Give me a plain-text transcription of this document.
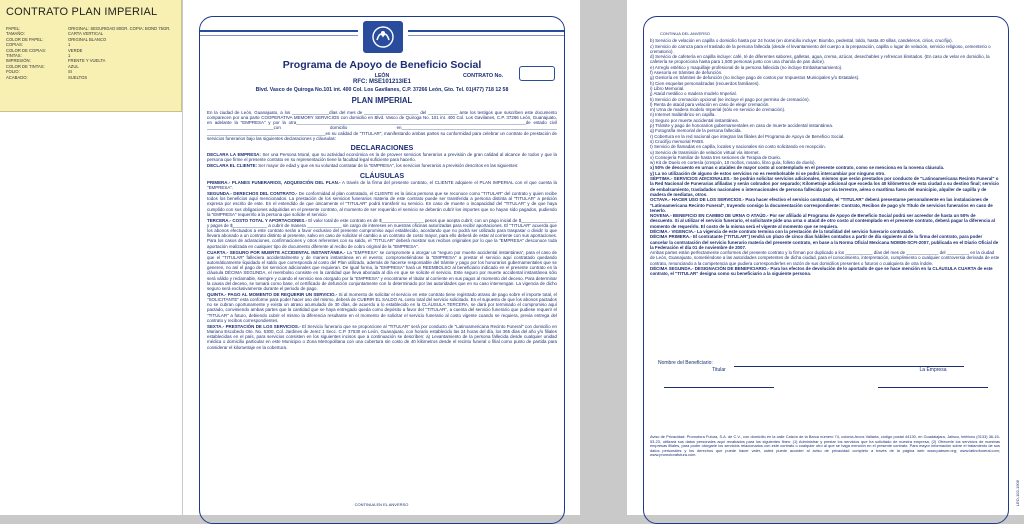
CONTRATO PLAN IMPERIAL
PAPEL:	ORIGINAL: SEGURIDAD 80GR. COPIA: BOND 75GR.
TAMAÑO:	CARTA VERTICAL
COLOR DE PAPEL:	ORIGINAL BLANCO
COPIAS:	1
COLOR DE COPIAS:	VERDE
TINTAS:	1
IMPRESIÓN:	FRENTE Y VUELTA
COLOR DE TINTAS:	AZUL
FOLIO:	SI
ACABADO:	SUELTOS
Programa de Apoyo de Beneficio Social
LEÓN
RFC: MSE101213IE1
Blvd. Vasco de Quiroga No.101 int. 400 Col. Los Gavilanes, C.P. 37266 León, Gto. Tel. 01(477) 718 12 58
CONTRATO No.
PLAN IMPERIAL

En la ciudad de León, Guanajuato, a los _______________días del mes de ______________________ del ____________ ante los testigos que suscriben este documento comparecen por una parte COOPERATIVA MEMORY SERVICIOS con domicilio en Blvd. Vasco de Quiroga No. 101 int. 400 Col. Los Gavilanes, C.P. 37266 León, Guanajuato, en adelante la "EMPRESA" y por la otra_____________________________________________________________________________________________de estado civil ___________________________con domicilio en_______________________________________________________________ ________________________________________________en su calidad de "TITULAR", manifestando ambas partes su conformidad para celebrar un contrato de prestación de servicios funerarios bajo las siguientes declaraciones y cláusulas:

DECLARACIONES

DECLARA LA EMPRESA: Ser una Persona Moral, que su actividad económica es la de proveer servicios funerarios a previsión de gran calidad al alcance de todos y que la persona que firme el presente contrato en su representación tiene la facultad legal suficiente para hacerlo.

DECLARA EL CLIENTE: Ser mayor de edad y que es su voluntad contratar de la "EMPRESA", los servicios funerarios a previsión descritos en las siguientes:

CLÁUSULAS

PRIMERA.- PLANES FUNERARIOS, ADQUISICIÓN DEL PLAN.- A través de la firma del presente contrato, el CLIENTE adquiere el PLAN IMPERIAL con el que cuenta la "EMPRESA".

SEGUNDA.- DERECHOS DEL CONTRATO.- De conformidad al plan contratado, el CLIENTE es la única persona que se reconoce como "TITULAR" del contrato y quien recibe todos los beneficios aquí mencionados. La prestación de los servicios funerarios materia de este contrato puede ser transferida a persona distinta al "TITULAR" a petición expresa por escrito de este. En el entendido de que únicamente el "TITULAR" podrá transferir su servicio. En caso de muerte o incapacidad del "TITULAR" y de que haya cumplido con sus obligaciones adquiridas en el presente contrato, al momento de ser requerido el servicio se deberán cubrir los importes que no hayan sido pagados, pudiendo la "EMPRESA" requerirlo a la persona que solicite el servicio

TERCERA.- COSTO TOTAL Y APORTACIONES.- El valor total de este contrato es de $_________________ pesos que acepta cubrir, con un pago inicial de $______________, y pagos de $______________ a cubrir de manera ______________ sin cargo de intereses en nuestras oficinas autorizadas para recibir aportaciones. El "TITULAR" acuerda que los abonos efectuados a este contrato serán a favor exclusivo del presente compromiso aquí establecido, acordando que no podrá ser utilizado para traspasar o dividir lo que llevara abonado a un contrato distinto al presente, salvo en caso de solicitar el cambio a un contrato de costo mayor, para ello deberá de estar al corriente con sus aportaciones. Para los casos de aclaraciones, confirmaciones y otros referentes con su saldo, el "TITULAR" deberá mostrar sus recibos originales por lo que la "EMPRESA" desconoce toda aportación realizada en cualquier tipo de documento diferente al recibo de cobro original de la "EMPRESA".

CUARTA.- SEGURO POR MUERTE ACCIDENTAL INSTANTÁNEA.- La "EMPRESA" se compromete a otorgar un "seguro por muerte accidental instantánea", para el caso de que el "TITULAR" falleciera accidentalmente y de manera instantánea en el evento; comprometiéndose la "EMPRESA" a prestar el servicio aquí contratado quedando automáticamente liquidado el saldo que corresponda al costo del Plan utilizado, además de hacerse responsable del trámite y pago por los honorarios gubernamentales que se generen, no así el pago de los servicios adicionales que requieran. De igual forma, la "EMPRESA" hará un REEMBOLSO al beneficiario indicado en el presente contrato en la cláusula DÉCIMA SEGUNDA, el reembolso consiste en la cantidad que lleva abonada al día en que se solicite el servicio. Este seguro por muerte accidental instantánea sólo será válido y reclamable, siempre y cuando el servicio sea otorgado por la "EMPRESA" y encontrarse el titular al corriente en sus pagos al momento del deceso. Para determinar la causa del deceso, se tomará como base, el certificado de defunción conjuntamente con lo determinado por las autoridades que en su caso intervengan. La vigencia de dicho seguro será exclusivamente durante el periodo de pago.

QUINTA.- PAGO AL MOMENTO DE REQUERIR UN SERVICIO.- Si al momento de solicitar el servicio en este contrato tiene registrado atraso de pago sobre el importe total, el "SOLICITANTE" esta conforme para poder hacer uso del mismo, deberá de CUBRIR EL SALDO AL costo total del servicio solicitado. En el supuesto de que los abonos pactados no se cubran oportunamente y exista un atraso acumulado de 30 días, de acuerdo a lo establecido en la CLÁUSULA TERCERA, se dará por terminado el compromiso aquí pactado, conviniendo ambas partes que la cantidad que se haya entregado queda como depósito a favor del "TITULAR", a cuenta del servicio funerario que pudiese requerir el "TITULAR" a futuro, debiendo cubrir el mismo la diferencia resultante en el momento de solicitar el servicio funerario al costo vigente cuando se requiera, previa entrega del contrato y recibos correspondientes.

SEXTA.- PRESTACIÓN DE LOS SERVICIOS.- El Servicio funerario que se proporcione al "TITULAR" será por conducto de "Latinoamericana Recinto Funeral" con domicilio en Mariano Escobedo Ote. No. 5300, Col. Jardines de Jerez 1 Secc. C.P. 37530 en León, Guanajuato, con horario establecido las 24 horas del día, los 365 días del año y/o filiales establecidas en el país, para servicios consisten en los siguientes incisos que a continuación se describen: a) Levantamiento de la persona fallecida desde cualquier unidad médica o domicilio particular en este Municipio o Zona Metropolitana con una cobertura sin costo de 40 kilómetros desde el recinto funeral o filial como punto de partida para considerar el kilometraje en la cobertura.

CONTINUA EN EL ANVERSO
CONTINUA DEL ANVERSO
b) Servicio de velación en capilla o domicilio hasta por 24 horas (en domicilio incluye: Biombo, pedestal, toldo, hasta 40 sillas, candeleros, cirios, crucifijo).
c) Servicio de carroza para el traslado de la persona fallecida (desde el levantamiento del cuerpo a la preparación, capilla o lugar de velación, servicio religioso, cementerio o crematorio).
d) Servicio de cafetería en capilla incluye: café, té de diferentes sabores, galletas, agua, crema, azúcar, desechables y refrescos ilimitados. (En caso de velar en domicilio, la cafetería se proporciona hasta para 1,500 personas junto con una charola de pan dulce).
e) Arreglo estético y maquillaje profesional de la persona fallecida (no incluye Embalsamamiento).
f) Asesoría en trámites de defunción.
g) Gestoría en trámites de defunción (no incluye pago de costos por Impuestos Municipales y/o Estatales).
h) Cien esquelas personalizadas (recuerdos familiares).
i) Libro Memorial.
j) Ataúd metálico o madera modelo Imperial.
k) Servicio de cremación opcional (se incluye el pago por permiso de cremación).
l) Renta de ataúd para velación en caso de elegir cremación.
m) Urna de madera modelo Imperial (sólo en servicio de cremación).
n) Internet Inalámbrico en capilla.
o) Seguro por muerte accidental instantánea.
p) Trámite y pago de honorarios gubernamentales en caso de muerte accidental instantánea.
q) Fotografía memorial de la persona fallecida.
r) Cobertura en la red nacional que integran las filiales del Programa de Apoyo de Beneficio Social.
s) Crucifijo memorial PABS.
t) Servicio de llamadas en capilla, locales y nacionales sin costo solicitando en recepción.
u) Servicio de trasmisión de velación virtual vía internet.
v) Consejería Familiar de hasta tres sesiones de Terapia de Duelo.
w) Kit de Duelo en cortesía (crespón, 10 moños, rosario, libro guía, folleto de duelo).
x) 50% de descuento en urnas o ataúdes de mayor costo al contemplado en el presente contrato, como se menciona en la novena cláusula.
y) La no utilización de alguno de estos servicios no es reembolsable ni se podrá intercambiar por ninguno otro.
SÉPTIMA.- SERVICIOS ADICIONALES.- Se podrán solicitar servicios adicionales, mismos que serán prestados por conducto de "Latinoamericana Recinto Funeral" o la Red Nacional de Funerarias afiliadas y serán cobrados por separado; Kilometraje adicional que exceda los 40 kilómetros de esta ciudad a su destino final; servicio de embalsamiento, trasladados nacionales o internacionales de persona fallecida por vía terrestre, aérea o marítima fuera del municipio, alquiler de capilla y de madera de mediatas, otros.
OCTAVA.- HACER USO DE LOS SERVICIOS.- Para hacer efectivo el servicio contratado, el "TITULAR" deberá presentarse personalmente en las instalaciones de "Latinoamericana Recinto Funeral", trayendo consigo la documentación correspondiente: Contrato, Recibos de pago y/o Título de servicios funerarios en caso de tenerlo.
NOVENA.- BENEFICIO EN CAMBIO DE URNA O ATAÚD.- Por ser afiliado al Programa de Apoyo de Beneficio Social podrá ser acreedor de hasta un 50% de descuento. Si al utilizar el servicio funerario, el solicitante pide una urna o ataúd de otro costo al contemplado en el presente contrato, deberá pagar la diferencia al momento de requerirlo. El costo de la misma será el vigente al momento que se requiera.
DÉCIMA.- VIGENCIA.- La vigencia de este contrato termina con la prestación de la totalidad del servicio funerario contratado.
DÉCIMA PRIMERA.- El contratante ("TITULAR") tendrá un plazo de cinco días hábiles contados a partir de día siguiente al de la firma del contrato, para poder cancelar la contratación del servicio funerario materia del presente contrato, en base a la Norma Oficial Mexicana NOM36-SCFI-2007, publicada en el Diario Oficial de la Federación el día 01 de noviembre de 2007.
Ambas partes están perfectamente conformes del presente contrato y lo firman por duplicado a los ___________ días del mes de _____________ del _________ en la ciudad de León, Guanajuato, sometiéndose a las autoridades competentes de dicha ciudad, para el conocimiento, interpretación, cumplimiento o cualquier controversia derivada de este contrato, renunciando a la competencia que pudiera corresponderles en razón de sus domicilios presentes o futuros o cualquiera de otra índole.
DÉCIMA SEGUNDA.- DESIGNACIÓN DE BENEFICIARIO.- Para los efectos de devolución de lo aportado de que se hace mención en la CLÁUSULA CUARTA de este contrato, el "TITULAR" designa como su beneficiario a la siguiente persona.
Nombre del Beneficiario:
Titular	La Empresa
Aviso de Privacidad: Promotora Futura, S.A. de C.V., con domicilio en la calle Calzón de la Barca número 74, colonia Arcos Vallarta, código postal 44130, en Guadalajara, Jalisco, teléfono (0133) 36-15-53-23, utilizará sus datos personales aquí recabados para los siguientes fines: (1) Administrar y prestar los servicios que ha solicitado de nuestra empresa, (2) Ofrecerle los servicios de nuestras empresas filiales, para poder otorgarle los servicios relacionados con este contrato o cualquier otro al que se haga mención en el presente contrato. Para mayor información sobre el tratamiento de sus datos personales y los derechos que puede hacer valer, usted puede acceder al aviso de privacidad completo a través de la página web www.pabsmr.org; www.latinofuneral.com; www.promotorafutura.com.
LEO-102-1906
